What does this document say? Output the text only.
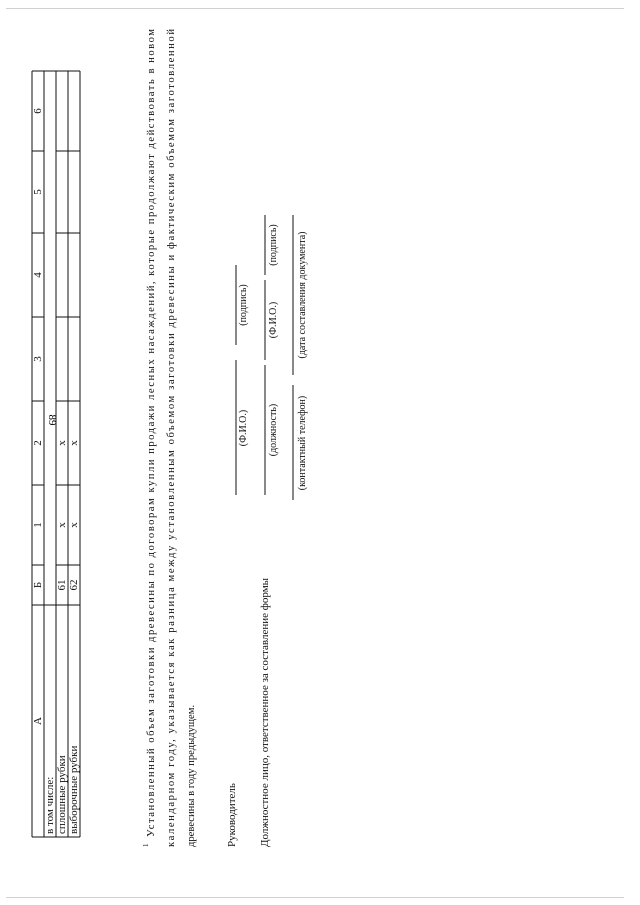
89
А
Б
1
2
3
4
5
6
в том числе: сплошные рубки
61
x
x
выборочные рубки
62
x
x
1
Установленный объем заготовки древесины по договорам купли продажи лесных насаждений, которые продолжают действовать в новом
календарном году, указывается как разница между установленным объемом заготовки древесины и фактическим объемом заготовленной
древесины в году предыдущем.	Руководитель Должностное лицо, ответственное за составление формы
(Ф.И.О.)
(подпись)
(должность)
(Ф.И.О.)
(подпись)
(контактный телефон)
(дата составления документа)
